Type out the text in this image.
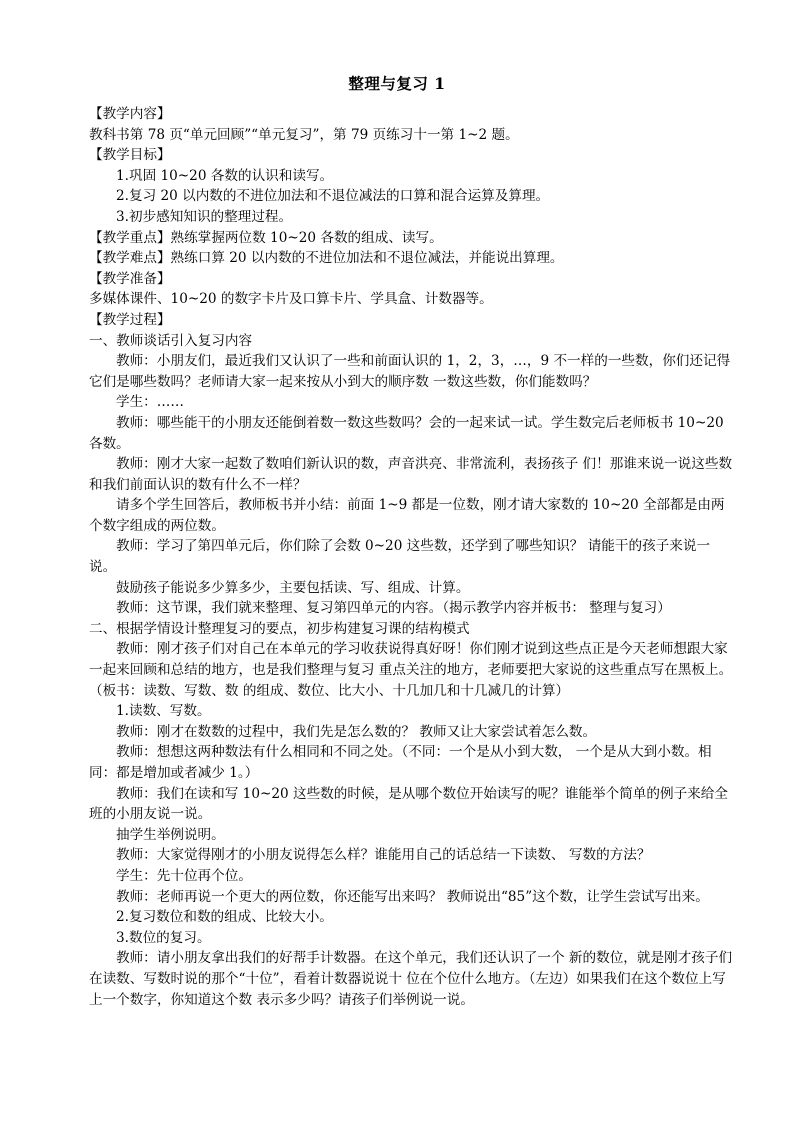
整理与复习 1

【教学内容】

教科书第 78 页“单元回顾”“单元复习”，第 79 页练习十一第 1~2 题。

【教学目标】

1.巩固 10~20 各数的认识和读写。

2.复习 20 以内数的不进位加法和不退位减法的口算和混合运算及算理。

3.初步感知知识的整理过程。

【教学重点】熟练掌握两位数 10~20 各数的组成、读写。

【教学难点】熟练口算 20 以内数的不进位加法和不退位减法，并能说出算理。

【教学准备】

多媒体课件、10~20 的数字卡片及口算卡片、学具盒、计数器等。

【教学过程】

一、教师谈话引入复习内容

教师：小朋友们，最近我们又认识了一些和前面认识的 1，2，3，…，9 不一样的一些数，你们还记得它们是哪些数吗？老师请大家一起来按从小到大的顺序数 一数这些数，你们能数吗？

学生：……

教师：哪些能干的小朋友还能倒着数一数这些数吗？会的一起来试一试。学生数完后老师板书 10~20 各数。

教师：刚才大家一起数了数咱们新认识的数，声音洪亮、非常流利，表扬孩子 们！那谁来说一说这些数和我们前面认识的数有什么不一样？

请多个学生回答后，教师板书并小结：前面 1~9 都是一位数，刚才请大家数的 10~20 全部都是由两个数字组成的两位数。

教师：学习了第四单元后，你们除了会数 0~20 这些数，还学到了哪些知识？ 请能干的孩子来说一说。

鼓励孩子能说多少算多少，主要包括读、写、组成、计算。

教师：这节课，我们就来整理、复习第四单元的内容。（揭示教学内容并板书： 整理与复习）

二、根据学情设计整理复习的要点，初步构建复习课的结构模式

教师：刚才孩子们对自己在本单元的学习收获说得真好呀！你们刚才说到这些点正是今天老师想跟大家一起来回顾和总结的地方，也是我们整理与复习 重点关注的地方，老师要把大家说的这些重点写在黑板上。（板书：读数、写数、数 的组成、数位、比大小、十几加几和十几减几的计算）

1.读数、写数。

教师：刚才在数数的过程中，我们先是怎么数的？ 教师又让大家尝试着怎么数。

教师：想想这两种数法有什么相同和不同之处。（不同：一个是从小到大数， 一个是从大到小数。相同：都是增加或者减少 1。）

教师：我们在读和写 10~20 这些数的时候，是从哪个数位开始读写的呢？谁能举个简单的例子来给全班的小朋友说一说。

抽学生举例说明。

教师：大家觉得刚才的小朋友说得怎么样？谁能用自己的话总结一下读数、 写数的方法？

学生：先十位再个位。

教师：老师再说一个更大的两位数，你还能写出来吗？ 教师说出“85”这个数，让学生尝试写出来。

2.复习数位和数的组成、比较大小。

3.数位的复习。

教师：请小朋友拿出我们的好帮手计数器。在这个单元，我们还认识了一个 新的数位，就是刚才孩子们在读数、写数时说的那个“十位”，看着计数器说说十 位在个位什么地方。（左边）如果我们在这个数位上写上一个数字，你知道这个数 表示多少吗？请孩子们举例说一说。
